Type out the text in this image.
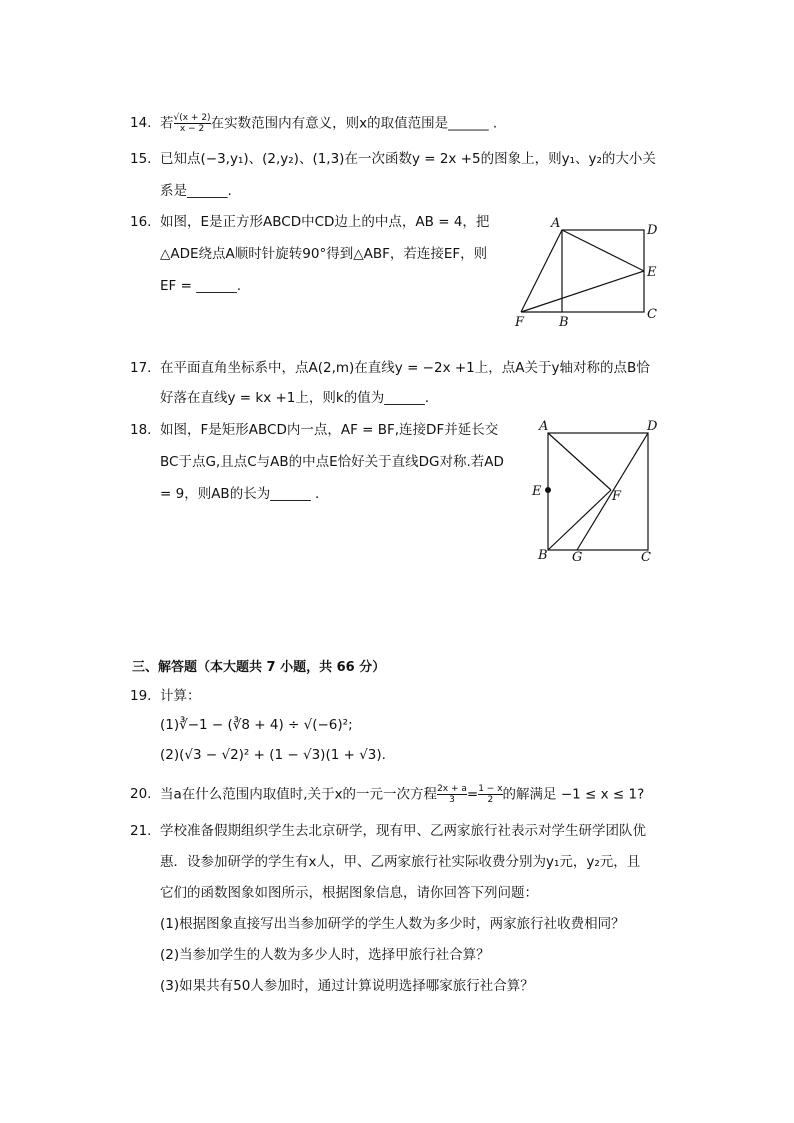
14. 若 $\frac{√(x + 2)}{x - 2}$ 在实数范围内有意义，则x的取值范围是______ .
15. 已知点(−3,y₁)、(2,y₂)、(1,3)在一次函数y = 2x +5的图象上，则y₁、y₂的大小关
系是______.
16. 如图，E是正方形ABCD中CD边上的中点，AB = 4，把
△ADE绕点A顺时针旋转90°得到△ABF，若连接EF，则
EF = ______.
A	D
E
C
F	B
17. 在平面直角坐标系中，点A(2,m)在直线y = −2x +1上，点A关于y轴对称的点B恰
好落在直线y = kx +1上，则k的值为______.
18. 如图，F是矩形ABCD内一点，AF = BF,连接DF并延长交
BC于点G,且点C与AB的中点E恰好关于直线DG对称.若AD
= 9，则AB的长为______ .
A	D
E	F
B G	C
三、解答题（本大题共 7 小题，共 66 分）
19. 计算：
(1)∛−1 − (∛8 + 4) ÷ √(−6)²;
(2)(√3 − √2)² + (1 − √3)(1 + √3).
20. 当a在什么范围内取值时,关于x的一元一次方程 $\frac{2x + a}{3} = \frac{1 - x}{2}$ 的解满足 −1 ≤ x ≤ 1?
21. 学校准备假期组织学生去北京研学，现有甲、乙两家旅行社表示对学生研学团队优
惠．设参加研学的学生有x人，甲、乙两家旅行社实际收费分别为y₁元，y₂元，且
它们的函数图象如图所示，根据图象信息，请你回答下列问题：
(1)根据图象直接写出当参加研学的学生人数为多少时，两家旅行社收费相同？
(2)当参加学生的人数为多少人时，选择甲旅行社合算？
(3)如果共有50人参加时，通过计算说明选择哪家旅行社合算？
